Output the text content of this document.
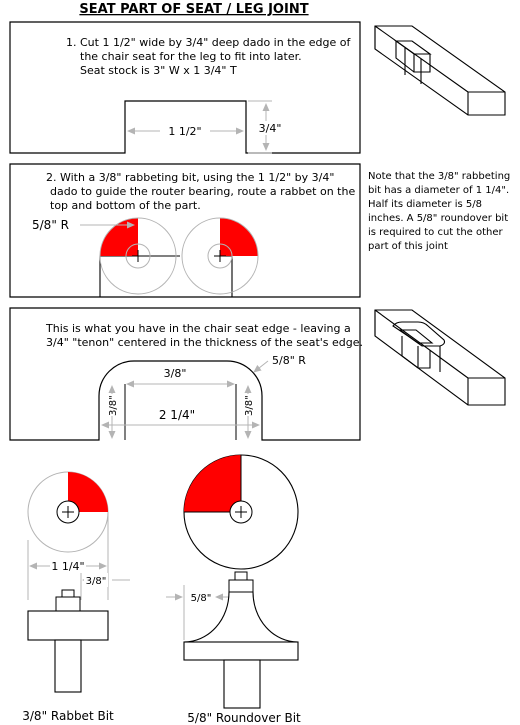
SEAT PART OF SEAT / LEG JOINT
1. Cut 1 1/2" wide by 3/4" deep dado in the edge of
the chair seat for the leg to fit into later.
Seat stock is 3" W x 1 3/4" T
1 1/2"	3/4"
2. With a 3/8" rabbeting bit, using the 1 1/2" by 3/4"
dado to guide the router bearing, route a rabbet on the
top and bottom of the part.
5/8" R
Note that the 3/8" rabbeting
bit has a diameter of 1 1/4".
Half its diameter is 5/8
inches. A 5/8" roundover bit
is required to cut the other
part of this joint
This is what you have in the chair seat edge - leaving a
3/4" "tenon" centered in the thickness of the seat's edge.
3/8"
3/8"	3/8"
2 1/4"
5/8" R
1 1/4"
3/8"
3/8" Rabbet Bit
5/8"
5/8" Roundover Bit
